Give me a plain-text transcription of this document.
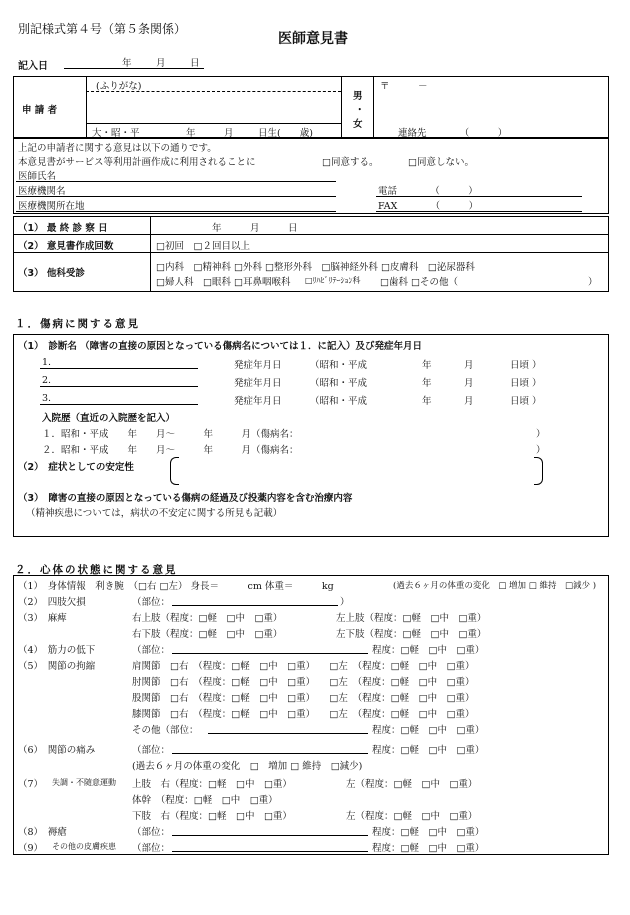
別記様式第４号（第５条関係）
医師意見書
記入日	年	月	日
申 請 者
(ふりがな)
大・昭・平	年	月	日生(　　歳)
男
・
女
〒　　　－
連絡先　　　　（　　　）
上記の申請者に関する意見は以下の通りです。
本意見書がサービス等利用計画作成に利用されることに	□同意する。	□同意しない。
医師氏名
医療機関名	電話　　　　（　　　）
医療機関所在地	FAX　　　　（　　　）
（1） 最 終 診 察 日	年　　　月　　　日
（2） 意見書作成回数	□初回　□２回目以上
（3） 他科受診
□内科　□精神科 □外科 □整形外科　□脳神経外科 □皮膚科　□泌尿器科
□婦人科　□眼科 □耳鼻咽喉科 □ﾘﾊﾋﾞﾘﾃｰｼｮﾝ科 □歯科 □その他（	）
１．傷病に関する意見
（1）　診断名 （障害の直接の原因となっている傷病名については１．に記入）及び発症年月日
1.
2.
3.
発症年月日	（昭和・平成	年	月	日頃 ）
発症年月日	（昭和・平成	年	月	日頃 ）
発症年月日	（昭和・平成	年	月	日頃 ）
入院歴（直近の入院歴を記入）
１．昭和・平成　　年　　月～　　　年　　　月（傷病名：	）
２．昭和・平成　　年　　月～　　　年　　　月（傷病名：	）
（2）　症状としての安定性
（3）　障害の直接の原因となっている傷病の経過及び投薬内容を含む治療内容
（精神疾患については，病状の不安定に関する所見も記載）
２．心体の状態に関する意見
（1）　身体情報　利き腕　（□右 □左） 身長＝　　　cm 体重＝　　　kg	(過去６ヶ月の体重の変化　□ 増加 □ 維持　□減少 )
（2）　四肢欠損	（部位：	）
（3）　麻痺	右上肢（程度：□軽　□中　□重）	左上肢（程度：□軽　□中　□重）
右下肢（程度：□軽　□中　□重）	左下肢（程度：□軽　□中　□重）
（4）　筋力の低下	（部位：	程度：□軽　□中　□重）
（5）　関節の拘縮	肩関節　□右　（程度：□軽　□中　□重）　　□左　（程度：□軽　□中　□重）
肘関節　□右　（程度：□軽　□中　□重）　　□左　（程度：□軽　□中　□重）
股関節　□右　（程度：□軽　□中　□重）　　□左　（程度：□軽　□中　□重）
膝関節　□右　（程度：□軽　□中　□重）　　□左　（程度：□軽　□中　□重）
その他（部位：	程度：□軽　□中　□重）
（6）　関節の痛み	（部位：	程度：□軽　□中　□重）
(過去６ヶ月の体重の変化　□　増加 □ 維持　□減少)
（7） 失調・不随意運動 上肢　右（程度：□軽　□中　□重）	左（程度：□軽　□中　□重）
体幹　（程度：□軽　□中　□重）
下肢　右（程度：□軽　□中　□重）	左（程度：□軽　□中　□重）
（8）　褥瘡	（部位：	程度：□軽　□中　□重）
（9） その他の皮膚疾患 （部位：	程度：□軽　□中　□重）
